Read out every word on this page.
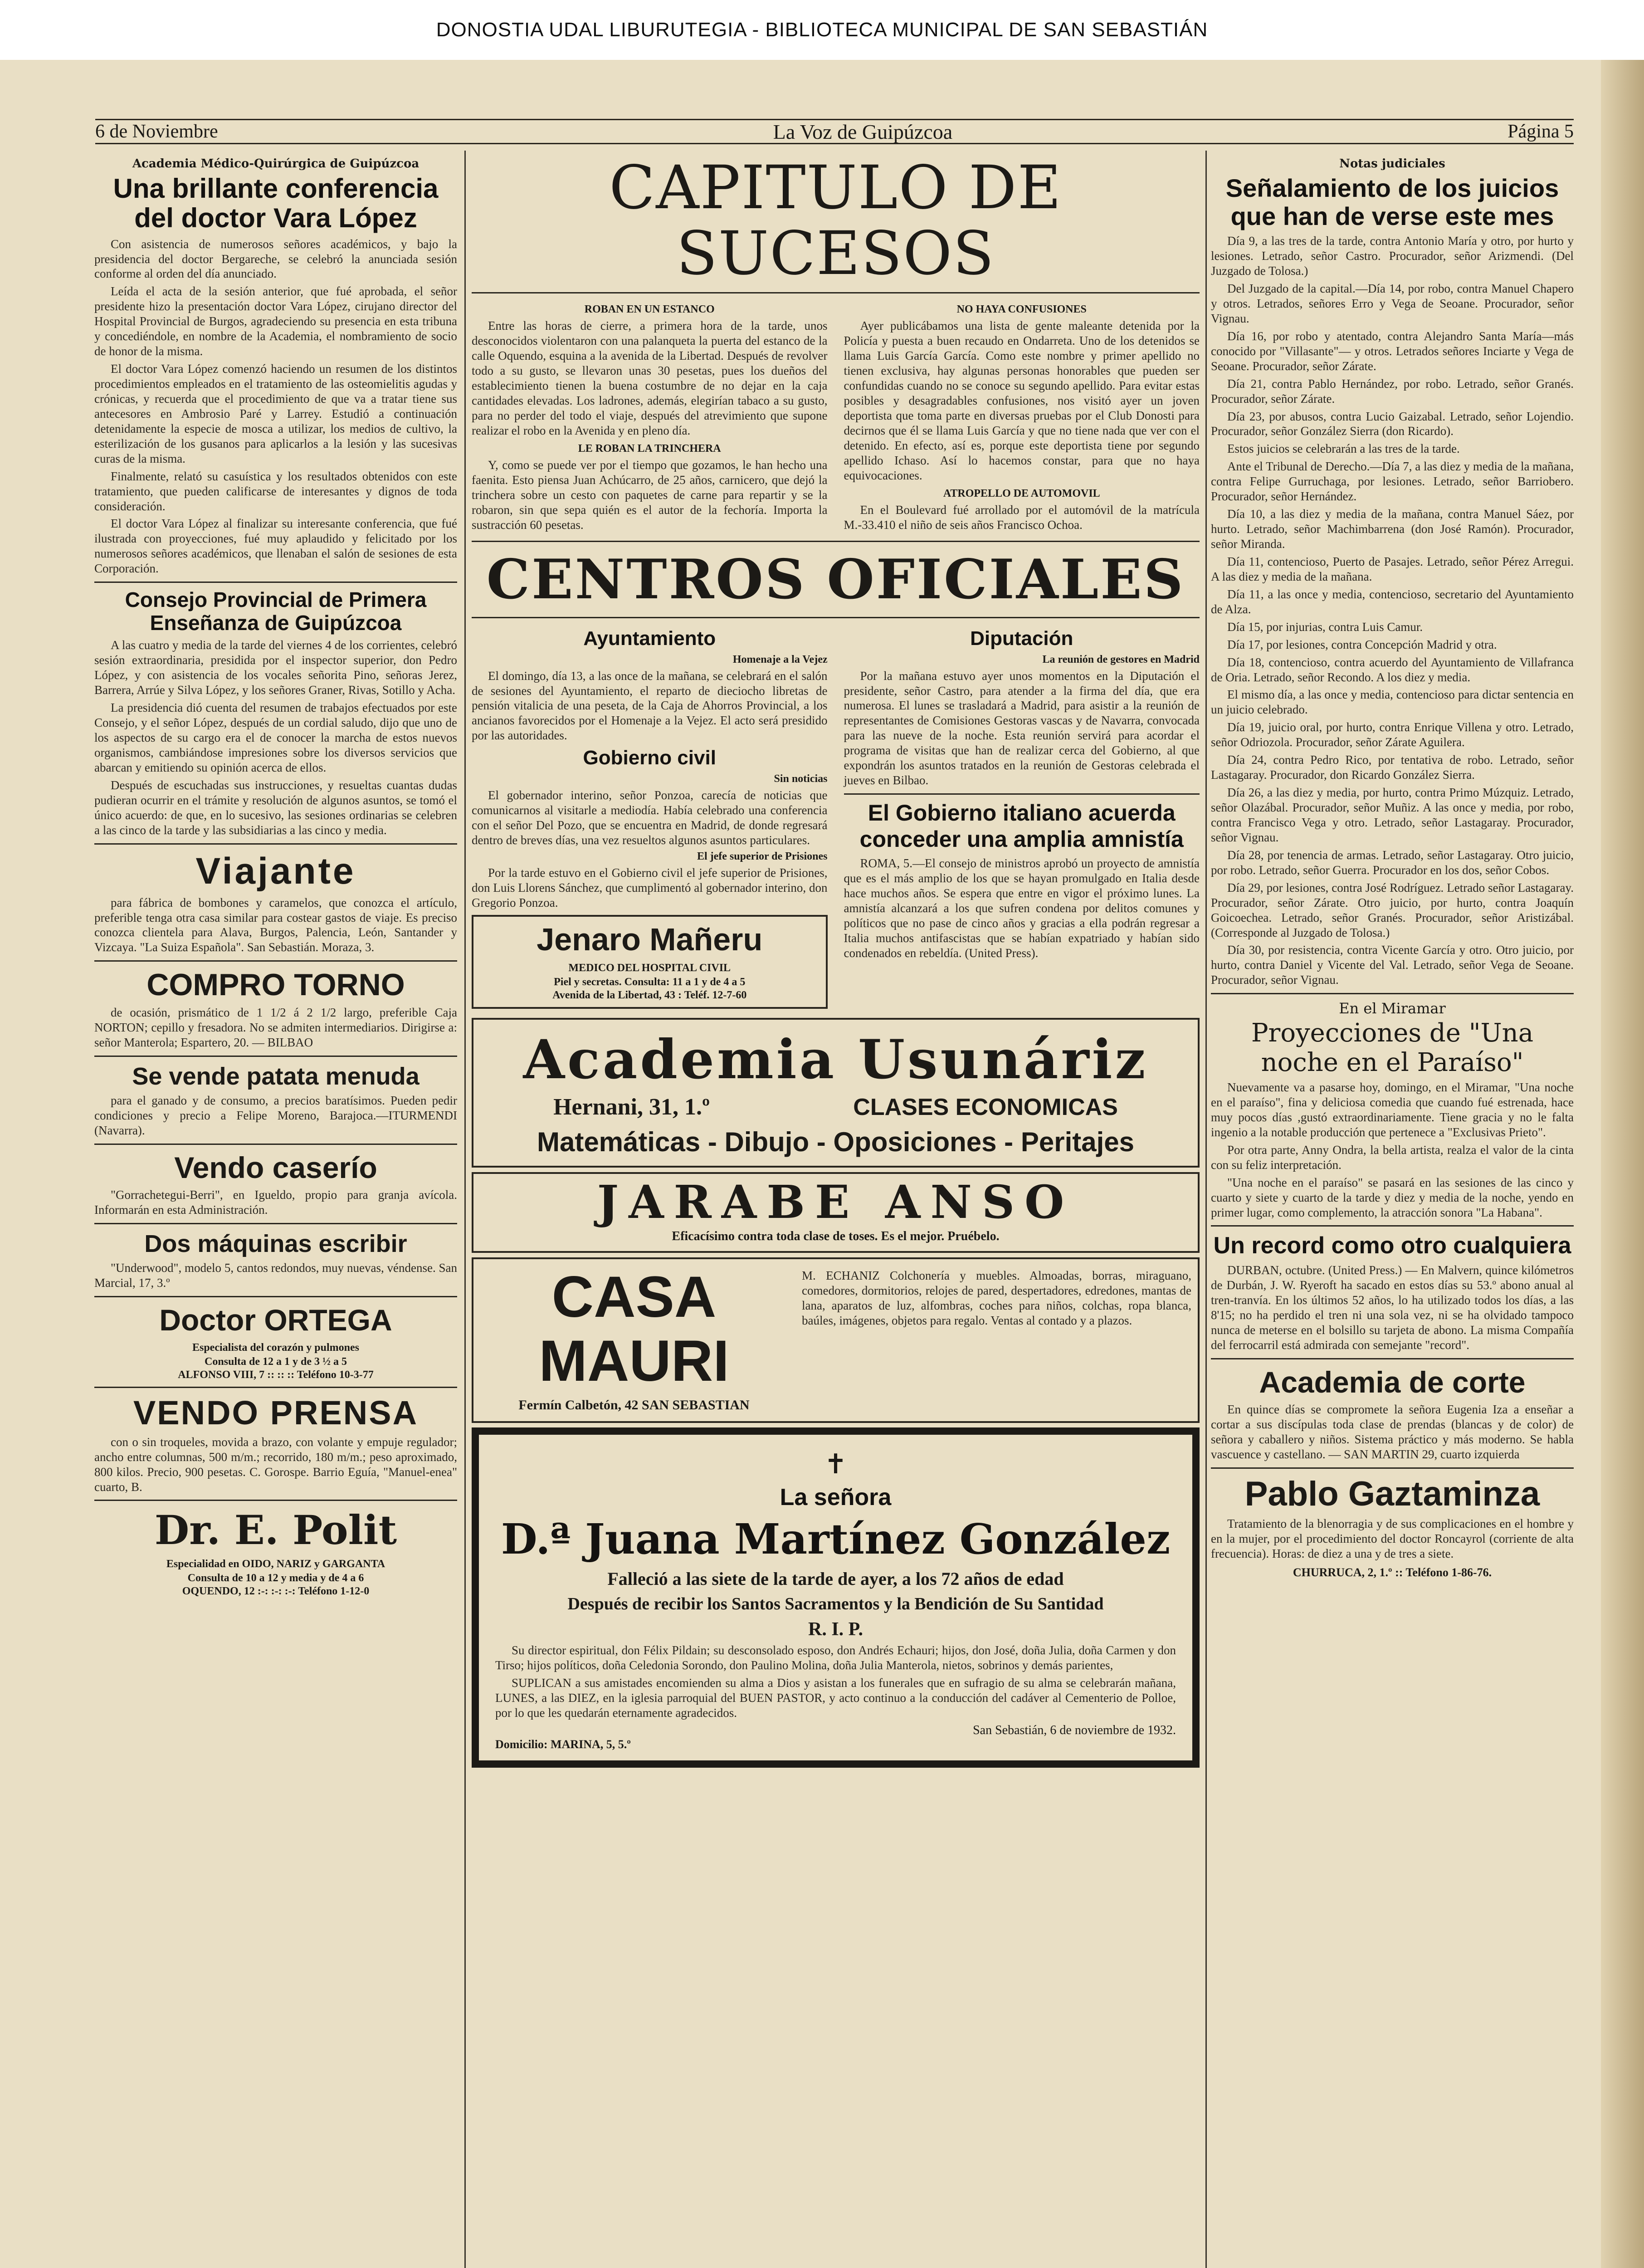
DONOSTIA UDAL LIBURUTEGIA - BIBLIOTECA MUNICIPAL DE SAN SEBASTIÁN
6 de Noviembre	La Voz de Guipúzcoa	Página 5
Academia Médico-Quirúrgica de Guipúzcoa
Una brillante conferencia del doctor Vara López

Con asistencia de numerosos señores académicos, y bajo la presidencia del doctor Bergareche, se celebró la anunciada sesión conforme al orden del día anunciado.

Leída el acta de la sesión anterior, que fué aprobada, el señor presidente hizo la presentación doctor Vara López, cirujano director del Hospital Provincial de Burgos, agradeciendo su presencia en esta tribuna y concediéndole, en nombre de la Academia, el nombramiento de socio de honor de la misma.

El doctor Vara López comenzó haciendo un resumen de los distintos procedimientos empleados en el tratamiento de las osteomielitis agudas y crónicas, y recuerda que el procedimiento de que va a tratar tiene sus antecesores en Ambrosio Paré y Larrey. Estudió a continuación detenidamente la especie de mosca a utilizar, los medios de cultivo, la esterilización de los gusanos para aplicarlos a la lesión y las sucesivas curas de la misma.

Finalmente, relató su casuística y los resultados obtenidos con este tratamiento, que pueden calificarse de interesantes y dignos de toda consideración.

El doctor Vara López al finalizar su interesante conferencia, que fué ilustrada con proyecciones, fué muy aplaudido y felicitado por los numerosos señores académicos, que llenaban el salón de sesiones de esta Corporación.

Consejo Provincial de Primera Enseñanza de Guipúzcoa

A las cuatro y media de la tarde del viernes 4 de los corrientes, celebró sesión extraordinaria, presidida por el inspector superior, don Pedro López, y con asistencia de los vocales señorita Pino, señoras Jerez, Barrera, Arrúe y Silva López, y los señores Graner, Rivas, Sotillo y Acha.

La presidencia dió cuenta del resumen de trabajos efectuados por este Consejo, y el señor López, después de un cordial saludo, dijo que uno de los aspectos de su cargo era el de conocer la marcha de estos nuevos organismos, cambiándose impresiones sobre los diversos servicios que abarcan y emitiendo su opinión acerca de ellos.

Después de escuchadas sus instrucciones, y resueltas cuantas dudas pudieran ocurrir en el trámite y resolución de algunos asuntos, se tomó el único acuerdo: de que, en lo sucesivo, las sesiones ordinarias se celebren a las cinco de la tarde y las subsidiarias a las cinco y media.

Viajante

para fábrica de bombones y caramelos, que conozca el artículo, preferible tenga otra casa similar para costear gastos de viaje. Es preciso conozca clientela para Alava, Burgos, Palencia, León, Santander y Vizcaya. "La Suiza Española". San Sebastián. Moraza, 3.

COMPRO TORNO

de ocasión, prismático de 1 1/2 á 2 1/2 largo, preferible Caja NORTON; cepillo y fresadora. No se admiten intermediarios. Dirigirse a: señor Manterola; Espartero, 20. — BILBAO

Se vende patata menuda

para el ganado y de consumo, a precios baratísimos. Pueden pedir condiciones y precio a Felipe Moreno, Barajoca.—ITURMENDI (Navarra).

Vendo caserío

"Gorrachetegui-Berri", en Igueldo, propio para granja avícola. Informarán en esta Administración.

Dos máquinas escribir

"Underwood", modelo 5, cantos redondos, muy nuevas, véndense. San Marcial, 17, 3.º

Doctor ORTEGA
Especialista del corazón y pulmones
Consulta de 12 a 1 y de 3 ½ a 5
ALFONSO VIII, 7 :: :: :: Teléfono 10-3-77
VENDO PRENSA

con o sin troqueles, movida a brazo, con volante y empuje regulador; ancho entre columnas, 500 m/m.; recorrido, 180 m/m.; peso aproximado, 800 kilos. Precio, 900 pesetas. C. Gorospe. Barrio Eguía, "Manuel-enea" cuarto, B.

Dr. E. Polit
Especialidad en OIDO, NARIZ y GARGANTA
Consulta de 10 a 12 y media y de 4 a 6
OQUENDO, 12 :-: :-: :-: Teléfono 1-12-0
CAPITULO DE SUCESOS
ROBAN EN UN ESTANCO

Entre las horas de cierre, a primera hora de la tarde, unos desconocidos violentaron con una palanqueta la puerta del estanco de la calle Oquendo, esquina a la avenida de la Libertad. Después de revolver todo a su gusto, se llevaron unas 30 pesetas, pues los dueños del establecimiento tienen la buena costumbre de no dejar en la caja cantidades elevadas. Los ladrones, además, elegirían tabaco a su gusto, para no perder del todo el viaje, después del atrevimiento que supone realizar el robo en la Avenida y en pleno día.

LE ROBAN LA TRINCHERA

Y, como se puede ver por el tiempo que gozamos, le han hecho una faenita. Esto piensa Juan Achúcarro, de 25 años, carnicero, que dejó la trinchera sobre un cesto con paquetes de carne para repartir y se la robaron, sin que sepa quién es el autor de la fechoría. Importa la sustracción 60 pesetas.

NO HAYA CONFUSIONES

Ayer publicábamos una lista de gente maleante detenida por la Policía y puesta a buen recaudo en Ondarreta. Uno de los detenidos se llama Luis García García. Como este nombre y primer apellido no tienen exclusiva, hay algunas personas honorables que pueden ser confundidas cuando no se conoce su segundo apellido. Para evitar estas posibles y desagradables confusiones, nos visitó ayer un joven deportista que toma parte en diversas pruebas por el Club Donosti para decirnos que él se llama Luis García y que no tiene nada que ver con el detenido. En efecto, así es, porque este deportista tiene por segundo apellido Ichaso. Así lo hacemos constar, para que no haya equivocaciones.

ATROPELLO DE AUTOMOVIL

En el Boulevard fué arrollado por el automóvil de la matrícula M.-33.410 el niño de seis años Francisco Ochoa.

CENTROS OFICIALES
Ayuntamiento
Homenaje a la Vejez

El domingo, día 13, a las once de la mañana, se celebrará en el salón de sesiones del Ayuntamiento, el reparto de dieciocho libretas de pensión vitalicia de una peseta, de la Caja de Ahorros Provincial, a los ancianos favorecidos por el Homenaje a la Vejez. El acto será presidido por las autoridades.

Gobierno civil
Sin noticias

El gobernador interino, señor Ponzoa, carecía de noticias que comunicarnos al visitarle a mediodía. Había celebrado una conferencia con el señor Del Pozo, que se encuentra en Madrid, de donde regresará dentro de breves días, una vez resueltos algunos asuntos particulares.

El jefe superior de Prisiones

Por la tarde estuvo en el Gobierno civil el jefe superior de Prisiones, don Luis Llorens Sánchez, que cumplimentó al gobernador interino, don Gregorio Ponzoa.

Jenaro Mañeru
MEDICO DEL HOSPITAL CIVIL
Piel y secretas. Consulta: 11 a 1 y de 4 a 5
Avenida de la Libertad, 43 : Teléf. 12-7-60
Diputación
La reunión de gestores en Madrid

Por la mañana estuvo ayer unos momentos en la Diputación el presidente, señor Castro, para atender a la firma del día, que era numerosa. El lunes se trasladará a Madrid, para asistir a la reunión de representantes de Comisiones Gestoras vascas y de Navarra, convocada para las nueve de la noche. Esta reunión servirá para acordar el programa de visitas que han de realizar cerca del Gobierno, al que expondrán los asuntos tratados en la reunión de Gestoras celebrada el jueves en Bilbao.

El Gobierno italiano acuerda conceder una amplia amnistía

ROMA, 5.—El consejo de ministros aprobó un proyecto de amnistía que es el más amplio de los que se hayan promulgado en Italia desde hace muchos años. Se espera que entre en vigor el próximo lunes. La amnistía alcanzará a los que sufren condena por delitos comunes y políticos que no pase de cinco años y gracias a ella podrán regresar a Italia muchos antifascistas que se habían expatriado y habían sido condenados en rebeldía. (United Press).

Academia Usunáriz
Hernani, 31, 1.º	CLASES ECONOMICAS
Matemáticas - Dibujo - Oposiciones - Peritajes
JARABE ANSO
Eficacísimo contra toda clase de toses. Es el mejor. Pruébelo.
CASA MAURI
Fermín Calbetón, 42 SAN SEBASTIAN

M. ECHANIZ Colchonería y muebles. Almoadas, borras, miraguano, comedores, dormitorios, relojes de pared, despertadores, edredones, mantas de lana, aparatos de luz, alfombras, coches para niños, colchas, ropa blanca, baúles, imágenes, objetos para regalo. Ventas al contado y a plazos.

✝
La señora
D.ª Juana Martínez González
Falleció a las siete de la tarde de ayer, a los 72 años de edad
Después de recibir los Santos Sacramentos y la Bendición de Su Santidad
R. I. P.

Su director espiritual, don Félix Pildain; su desconsolado esposo, don Andrés Echauri; hijos, don José, doña Julia, doña Carmen y don Tirso; hijos políticos, doña Celedonia Sorondo, don Paulino Molina, doña Julia Manterola, nietos, sobrinos y demás parientes,

SUPLICAN a sus amistades encomienden su alma a Dios y asistan a los funerales que en sufragio de su alma se celebrarán mañana, LUNES, a las DIEZ, en la iglesia parroquial del BUEN PASTOR, y acto continuo a la conducción del cadáver al Cementerio de Polloe, por lo que les quedarán eternamente agradecidos.

San Sebastián, 6 de noviembre de 1932.
Domicilio: MARINA, 5, 5.º
Notas judiciales
Señalamiento de los juicios que han de verse este mes

Día 9, a las tres de la tarde, contra Antonio María y otro, por hurto y lesiones. Letrado, señor Castro. Procurador, señor Arizmendi. (Del Juzgado de Tolosa.)

Del Juzgado de la capital.—Día 14, por robo, contra Manuel Chapero y otros. Letrados, señores Erro y Vega de Seoane. Procurador, señor Vignau.

Día 16, por robo y atentado, contra Alejandro Santa María—más conocido por "Villasante"— y otros. Letrados señores Inciarte y Vega de Seoane. Procurador, señor Zárate.

Día 21, contra Pablo Hernández, por robo. Letrado, señor Granés. Procurador, señor Zárate.

Día 23, por abusos, contra Lucio Gaizabal. Letrado, señor Lojendio. Procurador, señor González Sierra (don Ricardo).

Estos juicios se celebrarán a las tres de la tarde.

Ante el Tribunal de Derecho.—Día 7, a las diez y media de la mañana, contra Felipe Gurruchaga, por lesiones. Letrado, señor Barriobero. Procurador, señor Hernández.

Día 10, a las diez y media de la mañana, contra Manuel Sáez, por hurto. Letrado, señor Machimbarrena (don José Ramón). Procurador, señor Miranda.

Día 11, contencioso, Puerto de Pasajes. Letrado, señor Pérez Arregui. A las diez y media de la mañana.

Día 11, a las once y media, contencioso, secretario del Ayuntamiento de Alza.

Día 15, por injurias, contra Luis Camur.

Día 17, por lesiones, contra Concepción Madrid y otra.

Día 18, contencioso, contra acuerdo del Ayuntamiento de Villafranca de Oria. Letrado, señor Recondo. A los diez y media.

El mismo día, a las once y media, contencioso para dictar sentencia en un juicio celebrado.

Día 19, juicio oral, por hurto, contra Enrique Villena y otro. Letrado, señor Odriozola. Procurador, señor Zárate Aguilera.

Día 24, contra Pedro Rico, por tentativa de robo. Letrado, señor Lastagaray. Procurador, don Ricardo González Sierra.

Día 26, a las diez y media, por hurto, contra Primo Múzquiz. Letrado, señor Olazábal. Procurador, señor Muñiz. A las once y media, por robo, contra Francisco Vega y otro. Letrado, señor Lastagaray. Procurador, señor Vignau.

Día 28, por tenencia de armas. Letrado, señor Lastagaray. Otro juicio, por robo. Letrado, señor Guerra. Procurador en los dos, señor Cobos.

Día 29, por lesiones, contra José Rodríguez. Letrado señor Lastagaray. Procurador, señor Zárate. Otro juicio, por hurto, contra Joaquín Goicoechea. Letrado, señor Granés. Procurador, señor Aristizábal. (Corresponde al Juzgado de Tolosa.)

Día 30, por resistencia, contra Vicente García y otro. Otro juicio, por hurto, contra Daniel y Vicente del Val. Letrado, señor Vega de Seoane. Procurador, señor Vignau.

En el Miramar
Proyecciones de "Una noche en el Paraíso"

Nuevamente va a pasarse hoy, domingo, en el Miramar, "Una noche en el paraíso", fina y deliciosa comedia que cuando fué estrenada, hace muy pocos días ,gustó extraordinariamente. Tiene gracia y no le falta ingenio a la notable producción que pertenece a "Exclusivas Prieto".

Por otra parte, Anny Ondra, la bella artista, realza el valor de la cinta con su feliz interpretación.

"Una noche en el paraíso" se pasará en las sesiones de las cinco y cuarto y siete y cuarto de la tarde y diez y media de la noche, yendo en primer lugar, como complemento, la atracción sonora "La Habana".

Un record como otro cualquiera

DURBAN, octubre. (United Press.) — En Malvern, quince kilómetros de Durbán, J. W. Ryeroft ha sacado en estos días su 53.º abono anual al tren-tranvía. En los últimos 52 años, lo ha utilizado todos los días, a las 8'15; no ha perdido el tren ni una sola vez, ni se ha olvidado tampoco nunca de meterse en el bolsillo su tarjeta de abono. La misma Compañía del ferrocarril está admirada con semejante "record".

Academia de corte

En quince días se compromete la señora Eugenia Iza a enseñar a cortar a sus discípulas toda clase de prendas (blancas y de color) de señora y caballero y niños. Sistema práctico y más moderno. Se habla vascuence y castellano. — SAN MARTIN 29, cuarto izquierda

Pablo Gaztaminza

Tratamiento de la blenorragia y de sus complicaciones en el hombre y en la mujer, por el procedimiento del doctor Roncayrol (corriente de alta frecuencia). Horas: de diez a una y de tres a siete.

CHURRUCA, 2, 1.º :: Teléfono 1-86-76.
